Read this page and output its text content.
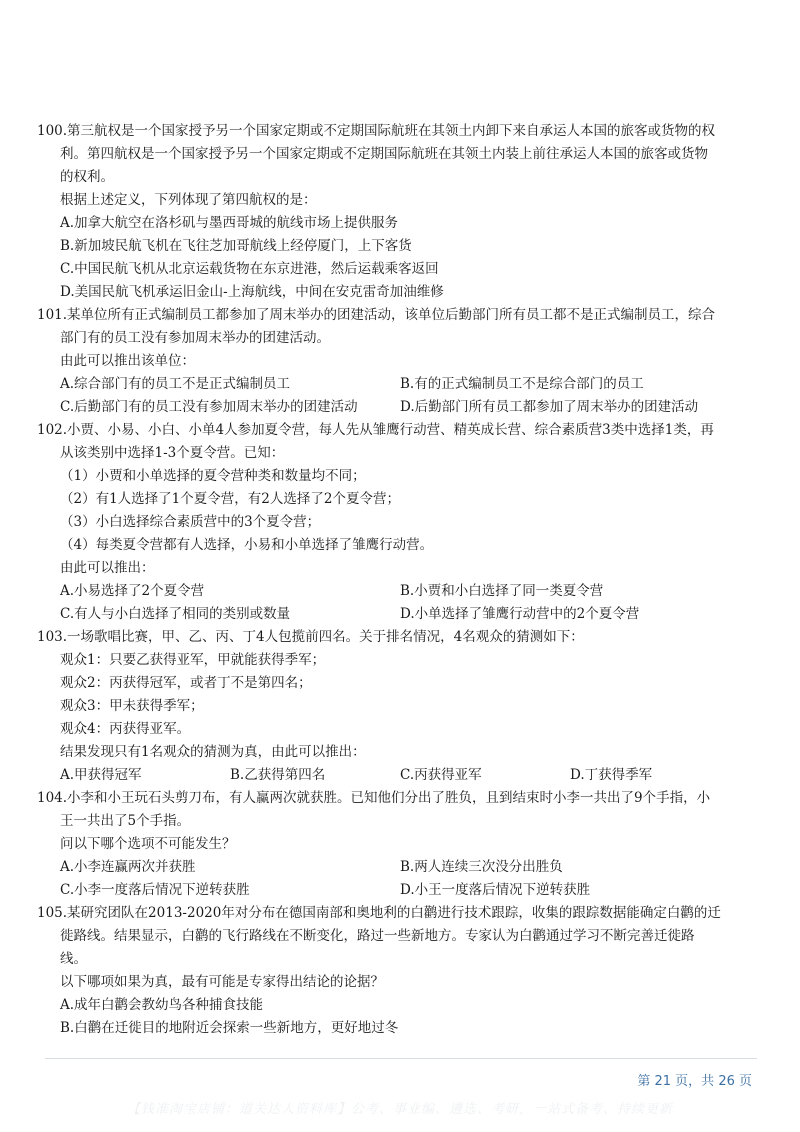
100.第三航权是一个国家授予另一个国家定期或不定期国际航班在其领土内卸下来自承运人本国的旅客或货物的权
利。第四航权是一个国家授予另一个国家定期或不定期国际航班在其领土内装上前往承运人本国的旅客或货物
的权利。
根据上述定义，下列体现了第四航权的是：
A.加拿大航空在洛杉矶与墨西哥城的航线市场上提供服务
B.新加坡民航飞机在飞往芝加哥航线上经停厦门，上下客货
C.中国民航飞机从北京运载货物在东京进港，然后运载乘客返回
D.美国民航飞机承运旧金山-上海航线，中间在安克雷奇加油维修
101.某单位所有正式编制员工都参加了周末举办的团建活动，该单位后勤部门所有员工都不是正式编制员工，综合
部门有的员工没有参加周末举办的团建活动。
由此可以推出该单位：
A.综合部门有的员工不是正式编制员工	B.有的正式编制员工不是综合部门的员工
C.后勤部门有的员工没有参加周末举办的团建活动	D.后勤部门所有员工都参加了周末举办的团建活动
102.小贾、小易、小白、小单4人参加夏令营，每人先从雏鹰行动营、精英成长营、综合素质营3类中选择1类，再
从该类别中选择1-3个夏令营。已知：
（1）小贾和小单选择的夏令营种类和数量均不同；
（2）有1人选择了1个夏令营，有2人选择了2个夏令营；
（3）小白选择综合素质营中的3个夏令营；
（4）每类夏令营都有人选择，小易和小单选择了雏鹰行动营。
由此可以推出：
A.小易选择了2个夏令营	B.小贾和小白选择了同一类夏令营
C.有人与小白选择了相同的类别或数量	D.小单选择了雏鹰行动营中的2个夏令营
103.一场歌唱比赛，甲、乙、丙、丁4人包揽前四名。关于排名情况，4名观众的猜测如下：
观众1：只要乙获得亚军，甲就能获得季军；
观众2：丙获得冠军，或者丁不是第四名；
观众3：甲未获得季军；
观众4：丙获得亚军。
结果发现只有1名观众的猜测为真，由此可以推出：
A.甲获得冠军	B.乙获得第四名	C.丙获得亚军	D.丁获得季军
104.小李和小王玩石头剪刀布，有人赢两次就获胜。已知他们分出了胜负，且到结束时小李一共出了9个手指，小
王一共出了5个手指。
问以下哪个选项不可能发生？
A.小李连赢两次并获胜	B.两人连续三次没分出胜负
C.小李一度落后情况下逆转获胜	D.小王一度落后情况下逆转获胜
105.某研究团队在2013-2020年对分布在德国南部和奥地利的白鹳进行技术跟踪，收集的跟踪数据能确定白鹳的迁
徙路线。结果显示，白鹳的飞行路线在不断变化，路过一些新地方。专家认为白鹳通过学习不断完善迁徙路
线。
以下哪项如果为真，最有可能是专家得出结论的论据？
A.成年白鹳会教幼鸟各种捕食技能
B.白鹳在迁徙目的地附近会探索一些新地方，更好地过冬
第 21 页，共 26 页
【钱准淘宝店铺：道关达人资料库】公考、事业编、遴选、考研，一站式备考、持续更新
